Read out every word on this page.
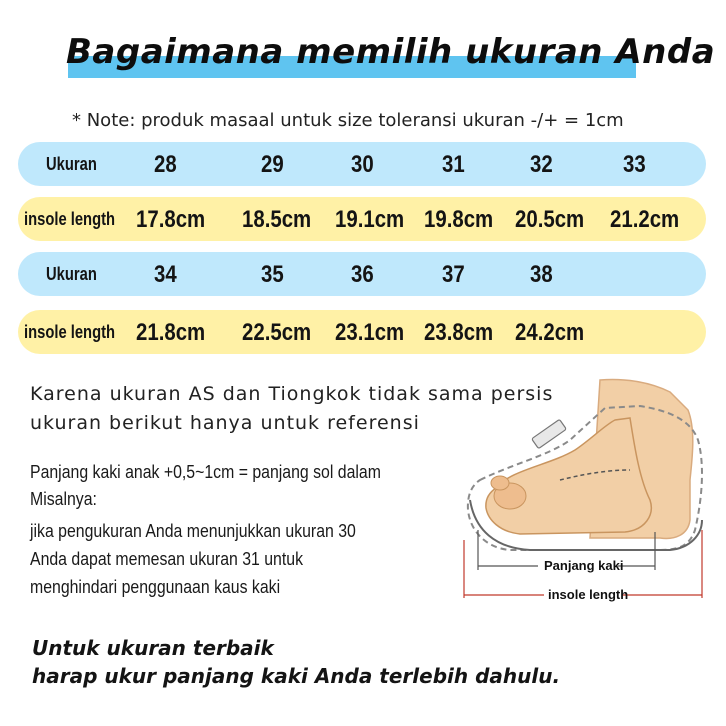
Bagaimana memilih ukuran Anda
* Note: produk masaal untuk size toleransi ukuran -/+ = 1cm
Ukuran 28	29	30	31	32	33
insole length 17.8cm 18.5cm 19.1cm 19.8cm 20.5cm 21.2cm
Ukuran 34	35	36	37	38
insole length 21.8cm 22.5cm 23.1cm 23.8cm 24.2cm
Karena ukuran AS dan Tiongkok tidak sama persis
ukuran berikut hanya untuk referensi
Panjang kaki anak +0,5~1cm = panjang sol dalam
Misalnya:
jika pengukuran Anda menunjukkan ukuran 30
Anda dapat memesan ukuran 31 untuk
menghindari penggunaan kaus kaki
Panjang kaki
insole length
Untuk ukuran terbaik
harap ukur panjang kaki Anda terlebih dahulu.
